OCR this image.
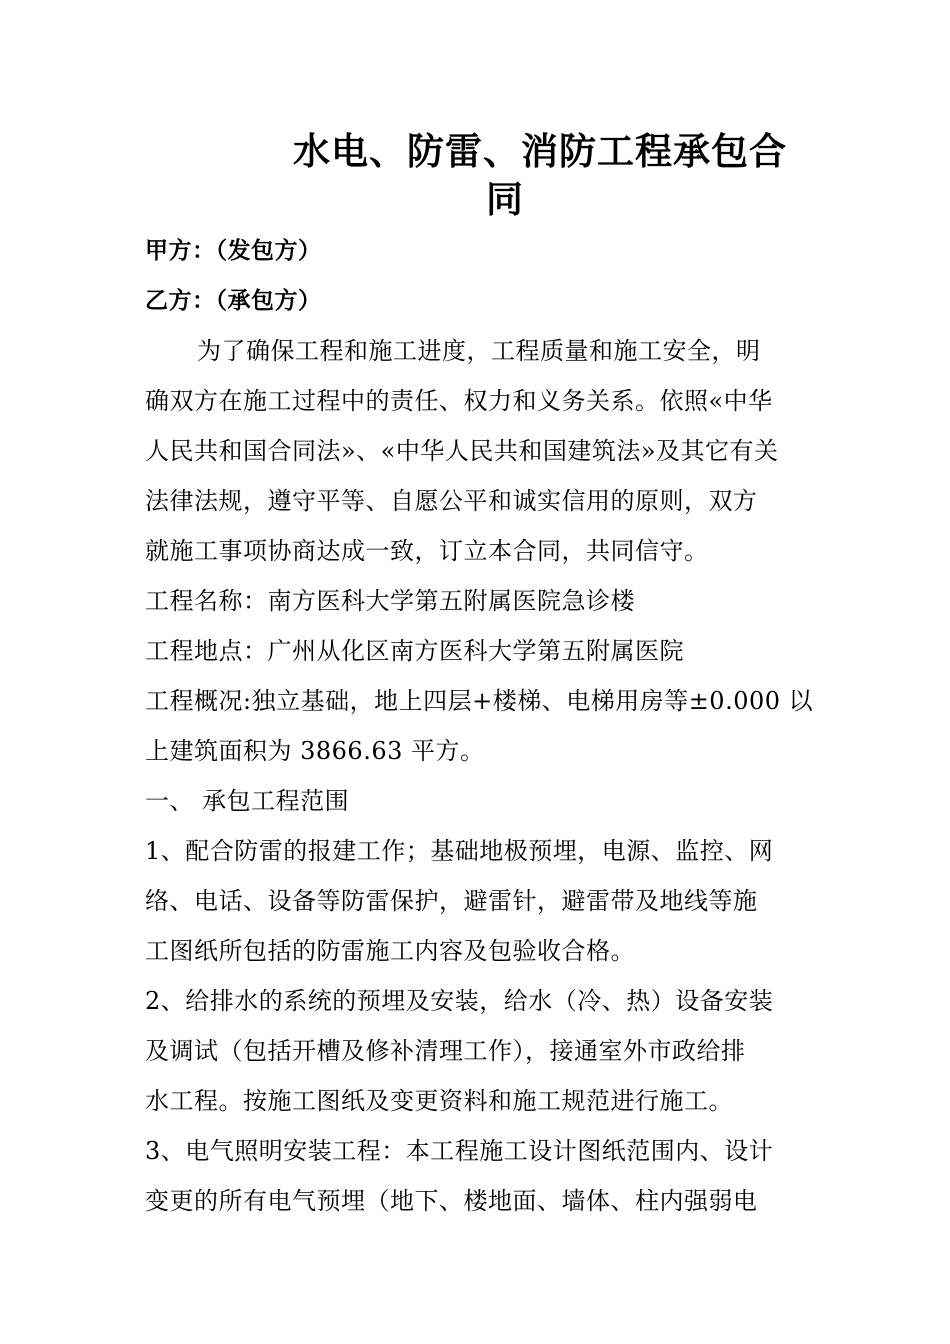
水电、防雷、消防工程承包合
同
甲方：（发包方）
乙方：（承包方）
为了确保工程和施工进度，工程质量和施工安全，明
确双方在施工过程中的责任、权力和义务关系。依照«中华
人民共和国合同法»、«中华人民共和国建筑法»及其它有关
法律法规，遵守平等、自愿公平和诚实信用的原则，双方
就施工事项协商达成一致，订立本合同，共同信守。
工程名称：南方医科大学第五附属医院急诊楼
工程地点：广州从化区南方医科大学第五附属医院
工程概况:独立基础，地上四层+楼梯、电梯用房等±0.000 以
上建筑面积为 3866.63 平方。
一、 承包工程范围
1、配合防雷的报建工作；基础地极预埋，电源、监控、网
络、电话、设备等防雷保护，避雷针，避雷带及地线等施
工图纸所包括的防雷施工内容及包验收合格。
2、给排水的系统的预埋及安装，给水（冷、热）设备安装
及调试（包括开槽及修补清理工作），接通室外市政给排
水工程。按施工图纸及变更资料和施工规范进行施工。
3、电气照明安装工程：本工程施工设计图纸范围内、设计
变更的所有电气预埋（地下、楼地面、墙体、柱内强弱电
